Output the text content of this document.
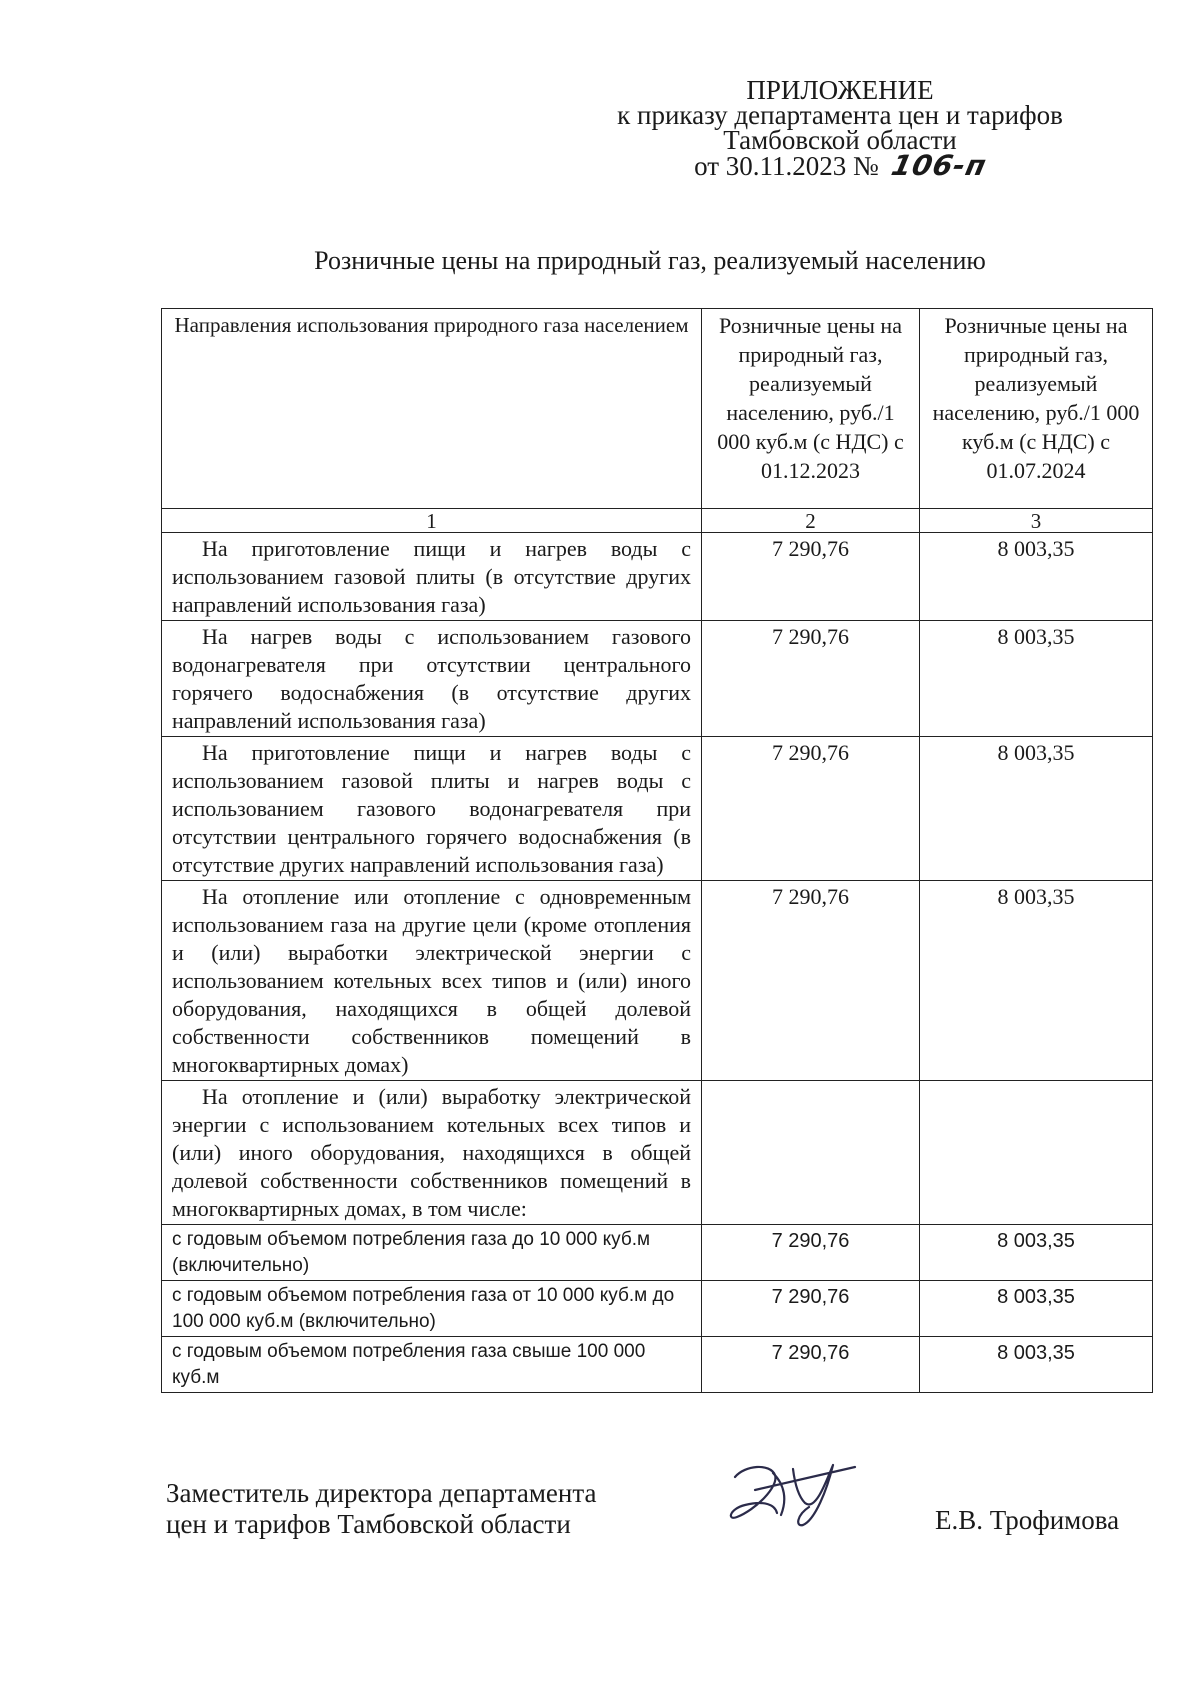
ПРИЛОЖЕНИЕ
к приказу департамента цен и тарифов
Тамбовской области
от 30.11.2023 № 106-п
Розничные цены на природный газ, реализуемый населению
Направления использования природного газа населением	Розничные цены на природный газ, реализуемый населению, руб./1 000 куб.м (с НДС) с 01.12.2023	Розничные цены на природный газ, реализуемый населению, руб./1 000 куб.м (с НДС) с 01.07.2024
1	2	3
На приготовление пищи и нагрев воды с использованием газовой плиты (в отсутствие других направлений использования газа)	7 290,76	8 003,35
На нагрев воды с использованием газового водонагревателя при отсутствии центрального горячего водоснабжения (в отсутствие других направлений использования газа)	7 290,76	8 003,35
На приготовление пищи и нагрев воды с использованием газовой плиты и нагрев воды с использованием газового водонагревателя при отсутствии центрального горячего водоснабжения (в отсутствие других направлений использования газа)	7 290,76	8 003,35
На отопление или отопление с одновременным использованием газа на другие цели (кроме отопления и (или) выработки электрической энергии с использованием котельных всех типов и (или) иного оборудования, находящихся в общей долевой собственности собственников помещений в многоквартирных домах)	7 290,76	8 003,35
На отопление и (или) выработку электрической энергии с использованием котельных всех типов и (или) иного оборудования, находящихся в общей долевой собственности собственников помещений в многоквартирных домах, в том числе:		
с годовым объемом потребления газа до 10 000 куб.м (включительно)	7 290,76	8 003,35
с годовым объемом потребления газа от 10 000 куб.м до 100 000 куб.м (включительно)	7 290,76	8 003,35
с годовым объемом потребления газа свыше 100 000 куб.м	7 290,76	8 003,35
Заместитель директора департамента
цен и тарифов Тамбовской области	Е.В. Трофимова
